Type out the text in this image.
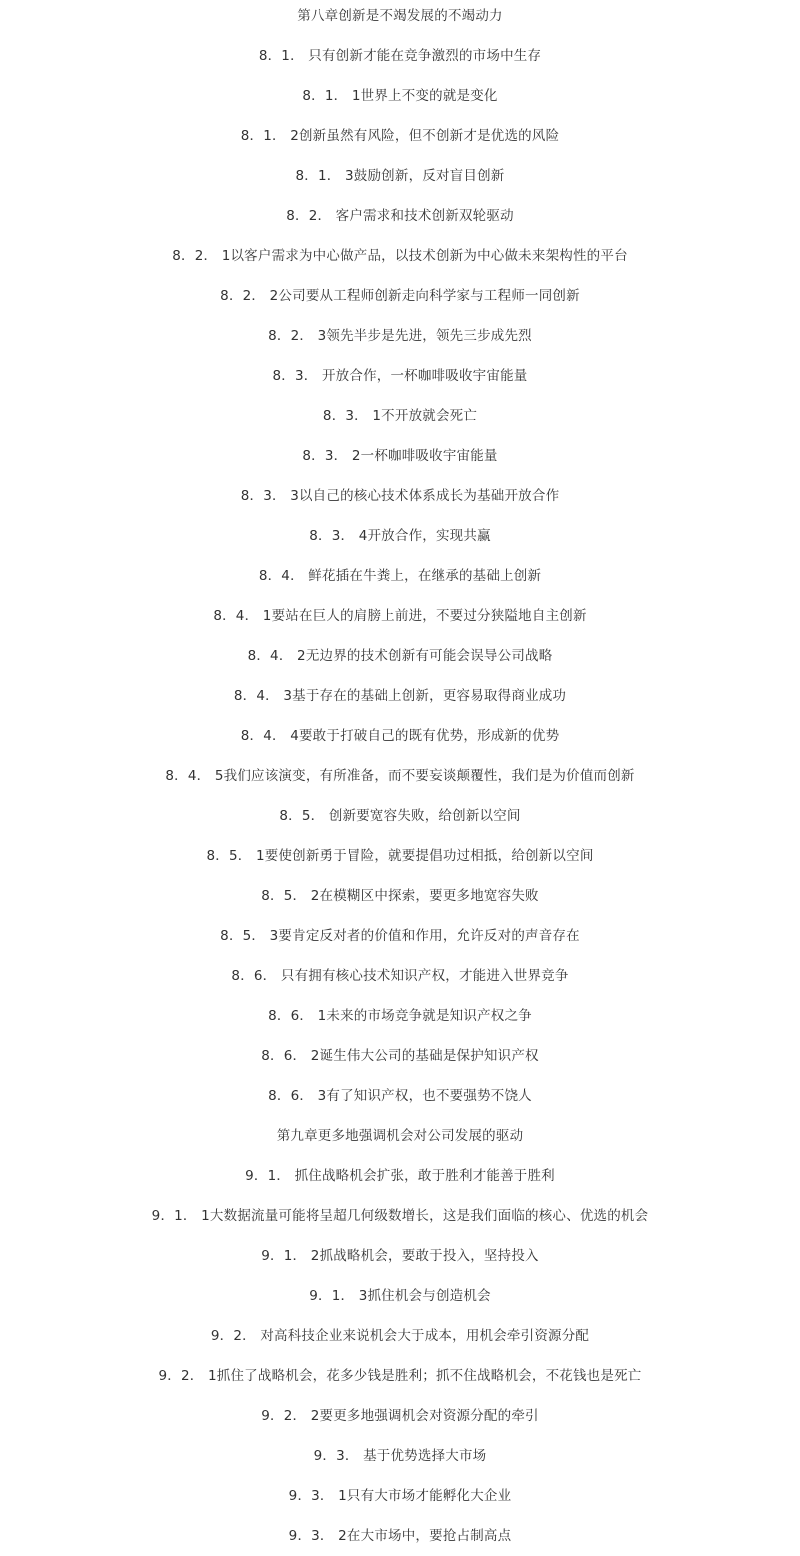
第八章创新是不竭发展的不竭动力
8．1． 只有创新才能在竞争激烈的市场中生存
8．1． 1世界上不变的就是变化
8．1． 2创新虽然有风险，但不创新才是优选的风险
8．1． 3鼓励创新，反对盲目创新
8．2． 客户需求和技术创新双轮驱动
8．2． 1以客户需求为中心做产品，以技术创新为中心做未来架构性的平台
8．2． 2公司要从工程师创新走向科学家与工程师一同创新
8．2． 3领先半步是先进，领先三步成先烈
8．3． 开放合作，一杯咖啡吸收宇宙能量
8．3． 1不开放就会死亡
8．3． 2一杯咖啡吸收宇宙能量
8．3． 3以自己的核心技术体系成长为基础开放合作
8．3． 4开放合作，实现共赢
8．4． 鲜花插在牛粪上，在继承的基础上创新
8．4． 1要站在巨人的肩膀上前进，不要过分狭隘地自主创新
8．4． 2无边界的技术创新有可能会误导公司战略
8．4． 3基于存在的基础上创新，更容易取得商业成功
8．4． 4要敢于打破自己的既有优势，形成新的优势
8．4． 5我们应该演变，有所准备，而不要妄谈颠覆性，我们是为价值而创新
8．5． 创新要宽容失败，给创新以空间
8．5． 1要使创新勇于冒险，就要提倡功过相抵，给创新以空间
8．5． 2在模糊区中探索，要更多地宽容失败
8．5． 3要肯定反对者的价值和作用，允许反对的声音存在
8．6． 只有拥有核心技术知识产权，才能进入世界竞争
8．6． 1未来的市场竞争就是知识产权之争
8．6． 2诞生伟大公司的基础是保护知识产权
8．6． 3有了知识产权，也不要强势不饶人
第九章更多地强调机会对公司发展的驱动
9．1． 抓住战略机会扩张，敢于胜利才能善于胜利
9．1． 1大数据流量可能将呈超几何级数增长，这是我们面临的核心、优选的机会
9．1． 2抓战略机会，要敢于投入，坚持投入
9．1． 3抓住机会与创造机会
9．2． 对高科技企业来说机会大于成本，用机会牵引资源分配
9．2． 1抓住了战略机会，花多少钱是胜利；抓不住战略机会，不花钱也是死亡
9．2． 2要更多地强调机会对资源分配的牵引
9．3． 基于优势选择大市场
9．3． 1只有大市场才能孵化大企业
9．3． 2在大市场中，要抢占制高点
